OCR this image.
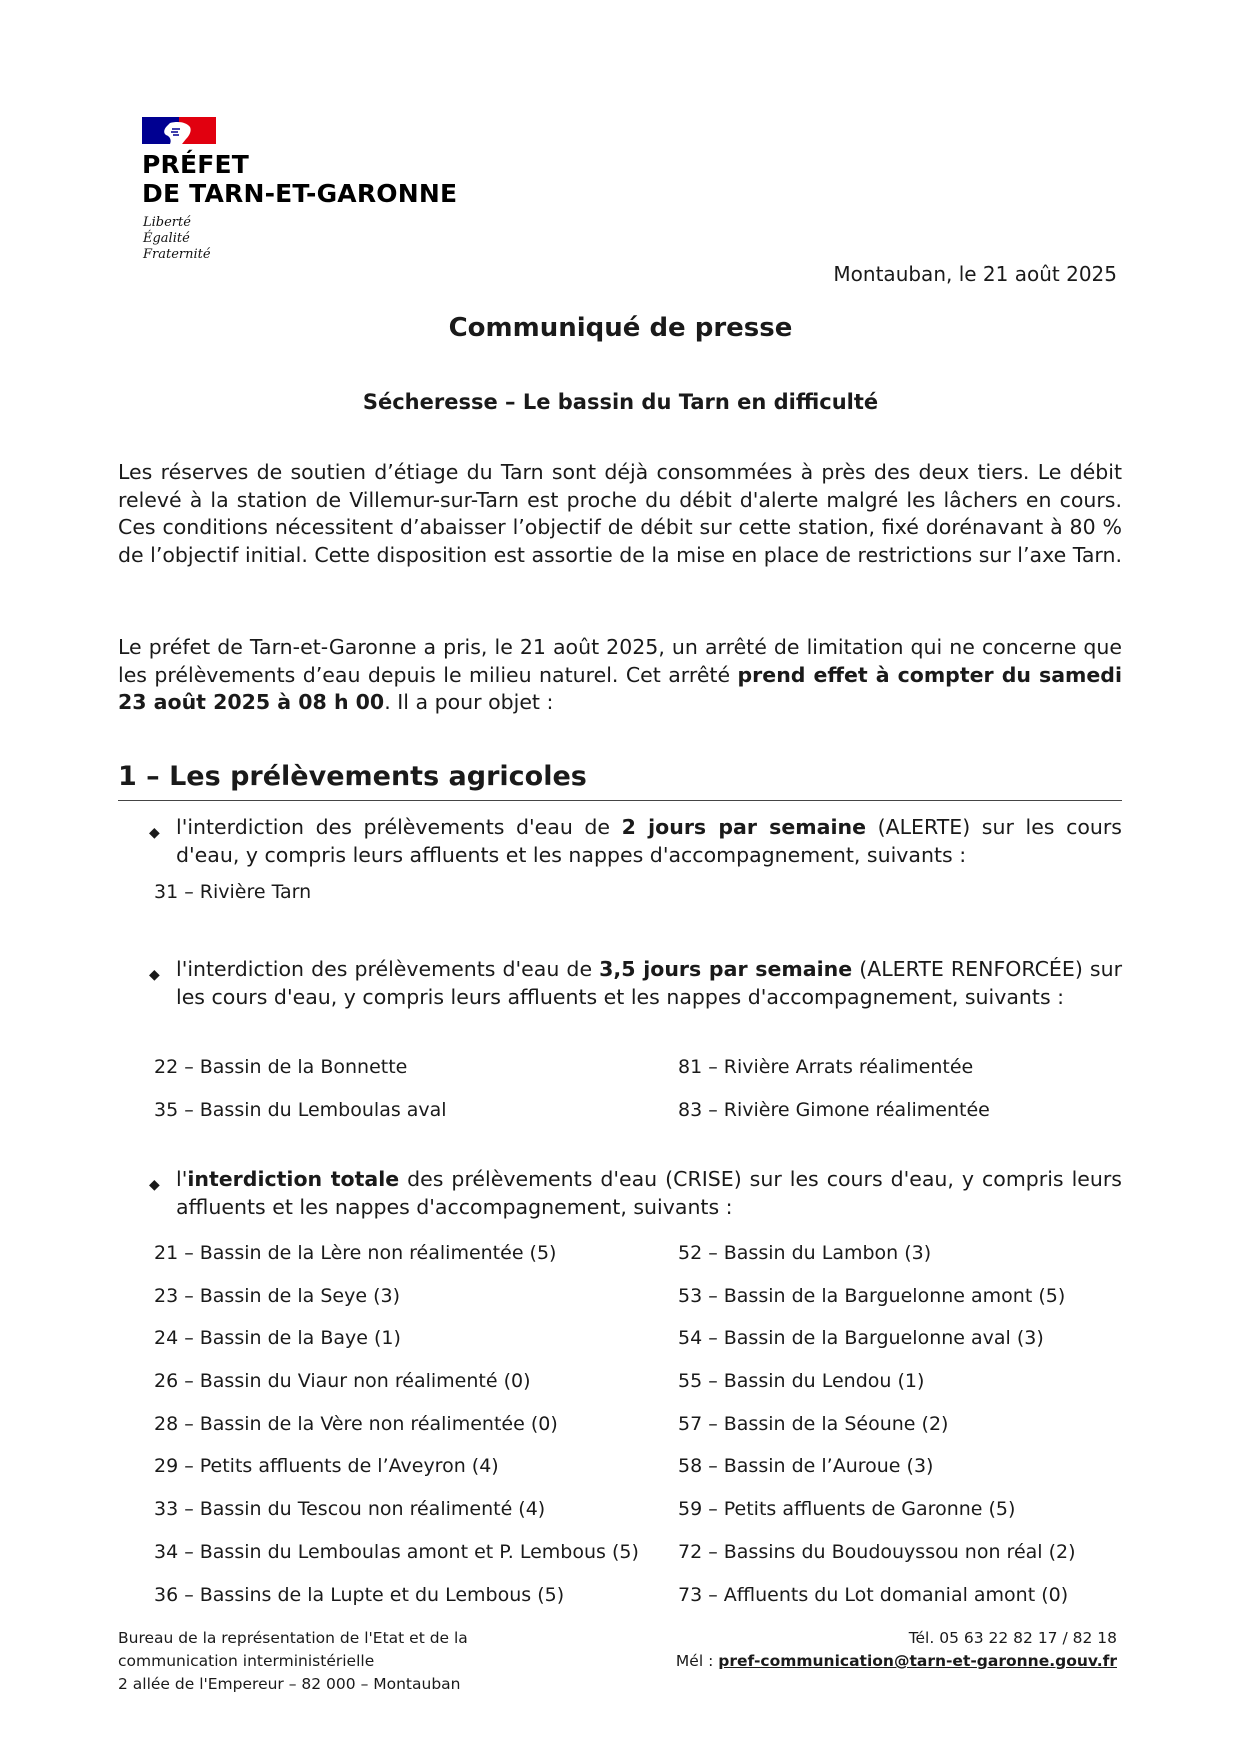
PRÉFET
DE TARN-ET-GARONNE
Liberté
Égalité
Fraternité
Montauban, le 21 août 2025
Communiqué de presse
Sécheresse – Le bassin du Tarn en difficulté
Les réserves de soutien d’étiage du Tarn sont déjà consommées à près des deux tiers. Le débit relevé à la station de Villemur-sur-Tarn est proche du débit d'alerte malgré les lâchers en cours. Ces conditions nécessitent d’abaisser l’objectif de débit sur cette station, fixé dorénavant à 80 % de l’objectif initial. Cette disposition est assortie de la mise en place de restrictions sur l’axe Tarn.
Le préfet de Tarn-et-Garonne a pris, le 21 août 2025, un arrêté de limitation qui ne concerne que les prélèvements d’eau depuis le milieu naturel. Cet arrêté prend effet à compter du samedi 23 août 2025 à 08 h 00. Il a pour objet :
1 – Les prélèvements agricoles
◆ l'interdiction des prélèvements d'eau de 2 jours par semaine (ALERTE) sur les cours d'eau, y compris leurs affluents et les nappes d'accompagnement, suivants :
31 – Rivière Tarn
◆ l'interdiction des prélèvements d'eau de 3,5 jours par semaine (ALERTE RENFORCÉE) sur les cours d'eau, y compris leurs affluents et les nappes d'accompagnement, suivants :
22 – Bassin de la Bonnette
35 – Bassin du Lemboulas aval
81 – Rivière Arrats réalimentée
83 – Rivière Gimone réalimentée
◆ l'interdiction totale des prélèvements d'eau (CRISE) sur les cours d'eau, y compris leurs affluents et les nappes d'accompagnement, suivants :
21 – Bassin de la Lère non réalimentée (5)
23 – Bassin de la Seye (3)
24 – Bassin de la Baye (1)
26 – Bassin du Viaur non réalimenté (0)
28 – Bassin de la Vère non réalimentée (0)
29 – Petits affluents de l’Aveyron (4)
33 – Bassin du Tescou non réalimenté (4)
34 – Bassin du Lemboulas amont et P. Lembous (5)
36 – Bassins de la Lupte et du Lembous (5)
52 – Bassin du Lambon (3)
53 – Bassin de la Barguelonne amont (5)
54 – Bassin de la Barguelonne aval (3)
55 – Bassin du Lendou (1)
57 – Bassin de la Séoune (2)
58 – Bassin de l’Auroue (3)
59 – Petits affluents de Garonne (5)
72 – Bassins du Boudouyssou non réal (2)
73 – Affluents du Lot domanial amont (0)
Bureau de la représentation de l'Etat et de la
communication interministérielle
2 allée de l'Empereur – 82 000 – Montauban
Tél. 05 63 22 82 17 / 82 18
Mél : pref-communication@tarn-et-garonne.gouv.fr
